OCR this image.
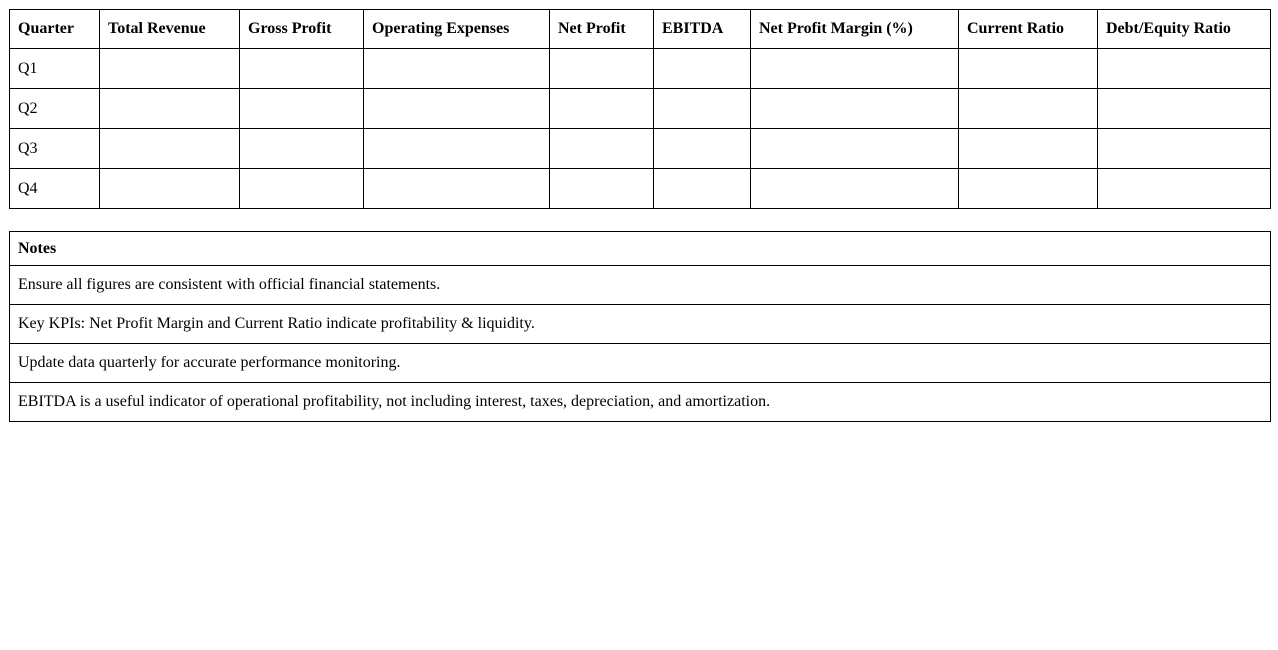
Quarter	Total Revenue	Gross Profit	Operating Expenses	Net Profit	EBITDA	Net Profit Margin (%)	Current Ratio	Debt/Equity Ratio
Q1								
Q2								
Q3								
Q4								
Notes
Ensure all figures are consistent with official financial statements.
Key KPIs: Net Profit Margin and Current Ratio indicate profitability & liquidity.
Update data quarterly for accurate performance monitoring.
EBITDA is a useful indicator of operational profitability, not including interest, taxes, depreciation, and amortization.
